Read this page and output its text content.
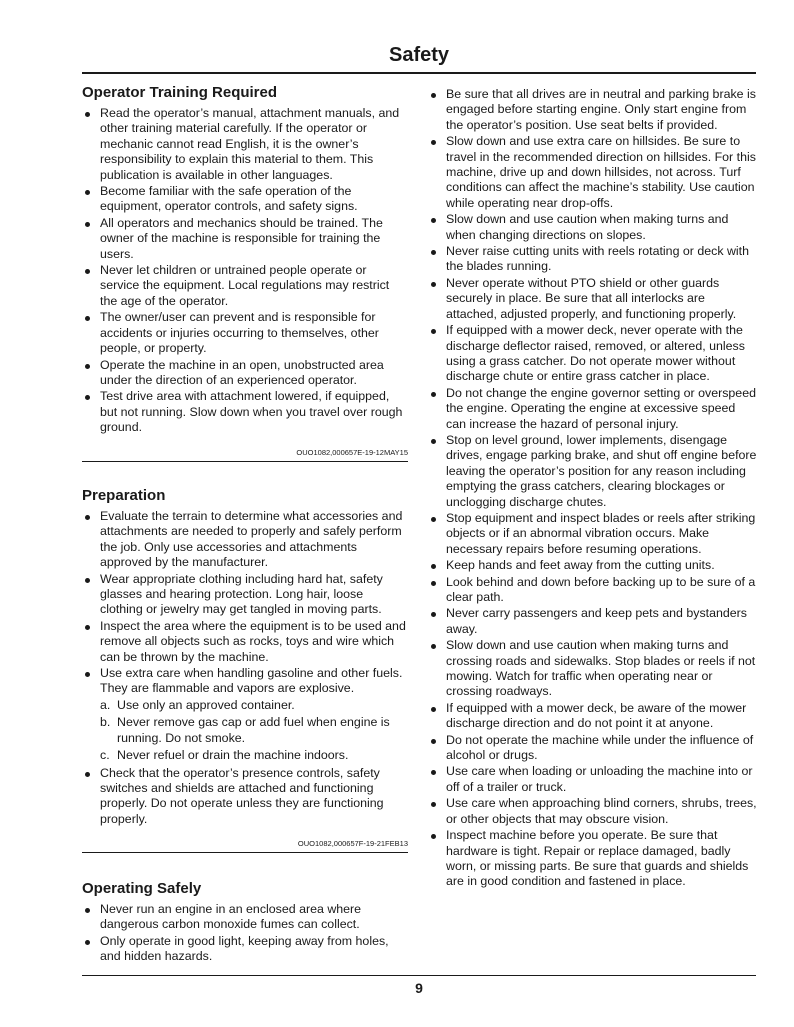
Safety
Operator Training Required
Read the operator’s manual, attachment manuals, and other training material carefully. If the operator or mechanic cannot read English, it is the owner’s responsibility to explain this material to them. This publication is available in other languages.
Become familiar with the safe operation of the equipment, operator controls, and safety signs.
All operators and mechanics should be trained. The owner of the machine is responsible for training the users.
Never let children or untrained people operate or service the equipment. Local regulations may restrict the age of the operator.
The owner/user can prevent and is responsible for accidents or injuries occurring to themselves, other people, or property.
Operate the machine in an open, unobstructed area under the direction of an experienced operator.
Test drive area with attachment lowered, if equipped, but not running. Slow down when you travel over rough ground.
OUO1082,000657E-19-12MAY15
Preparation
Evaluate the terrain to determine what accessories and attachments are needed to properly and safely perform the job. Only use accessories and attachments approved by the manufacturer.
Wear appropriate clothing including hard hat, safety glasses and hearing protection. Long hair, loose clothing or jewelry may get tangled in moving parts.
Inspect the area where the equipment is to be used and remove all objects such as rocks, toys and wire which can be thrown by the machine.
Use extra care when handling gasoline and other fuels. They are flammable and vapors are explosive.
a. Use only an approved container.
b. Never remove gas cap or add fuel when engine is running. Do not smoke.
c. Never refuel or drain the machine indoors.
Check that the operator’s presence controls, safety switches and shields are attached and functioning properly. Do not operate unless they are functioning properly.
OUO1082,000657F-19-21FEB13
Operating Safely
Never run an engine in an enclosed area where dangerous carbon monoxide fumes can collect.
Only operate in good light, keeping away from holes, and hidden hazards.
Be sure that all drives are in neutral and parking brake is engaged before starting engine. Only start engine from the operator’s position. Use seat belts if provided.
Slow down and use extra care on hillsides. Be sure to travel in the recommended direction on hillsides. For this machine, drive up and down hillsides, not across. Turf conditions can affect the machine’s stability. Use caution while operating near drop-offs.
Slow down and use caution when making turns and when changing directions on slopes.
Never raise cutting units with reels rotating or deck with the blades running.
Never operate without PTO shield or other guards securely in place. Be sure that all interlocks are attached, adjusted properly, and functioning properly.
If equipped with a mower deck, never operate with the discharge deflector raised, removed, or altered, unless using a grass catcher. Do not operate mower without discharge chute or entire grass catcher in place.
Do not change the engine governor setting or overspeed the engine. Operating the engine at excessive speed can increase the hazard of personal injury.
Stop on level ground, lower implements, disengage drives, engage parking brake, and shut off engine before leaving the operator’s position for any reason including emptying the grass catchers, clearing blockages or unclogging discharge chutes.
Stop equipment and inspect blades or reels after striking objects or if an abnormal vibration occurs. Make necessary repairs before resuming operations.
Keep hands and feet away from the cutting units.
Look behind and down before backing up to be sure of a clear path.
Never carry passengers and keep pets and bystanders away.
Slow down and use caution when making turns and crossing roads and sidewalks. Stop blades or reels if not mowing. Watch for traffic when operating near or crossing roadways.
If equipped with a mower deck, be aware of the mower discharge direction and do not point it at anyone.
Do not operate the machine while under the influence of alcohol or drugs.
Use care when loading or unloading the machine into or off of a trailer or truck.
Use care when approaching blind corners, shrubs, trees, or other objects that may obscure vision.
Inspect machine before you operate. Be sure that hardware is tight. Repair or replace damaged, badly worn, or missing parts. Be sure that guards and shields are in good condition and fastened in place.
9
